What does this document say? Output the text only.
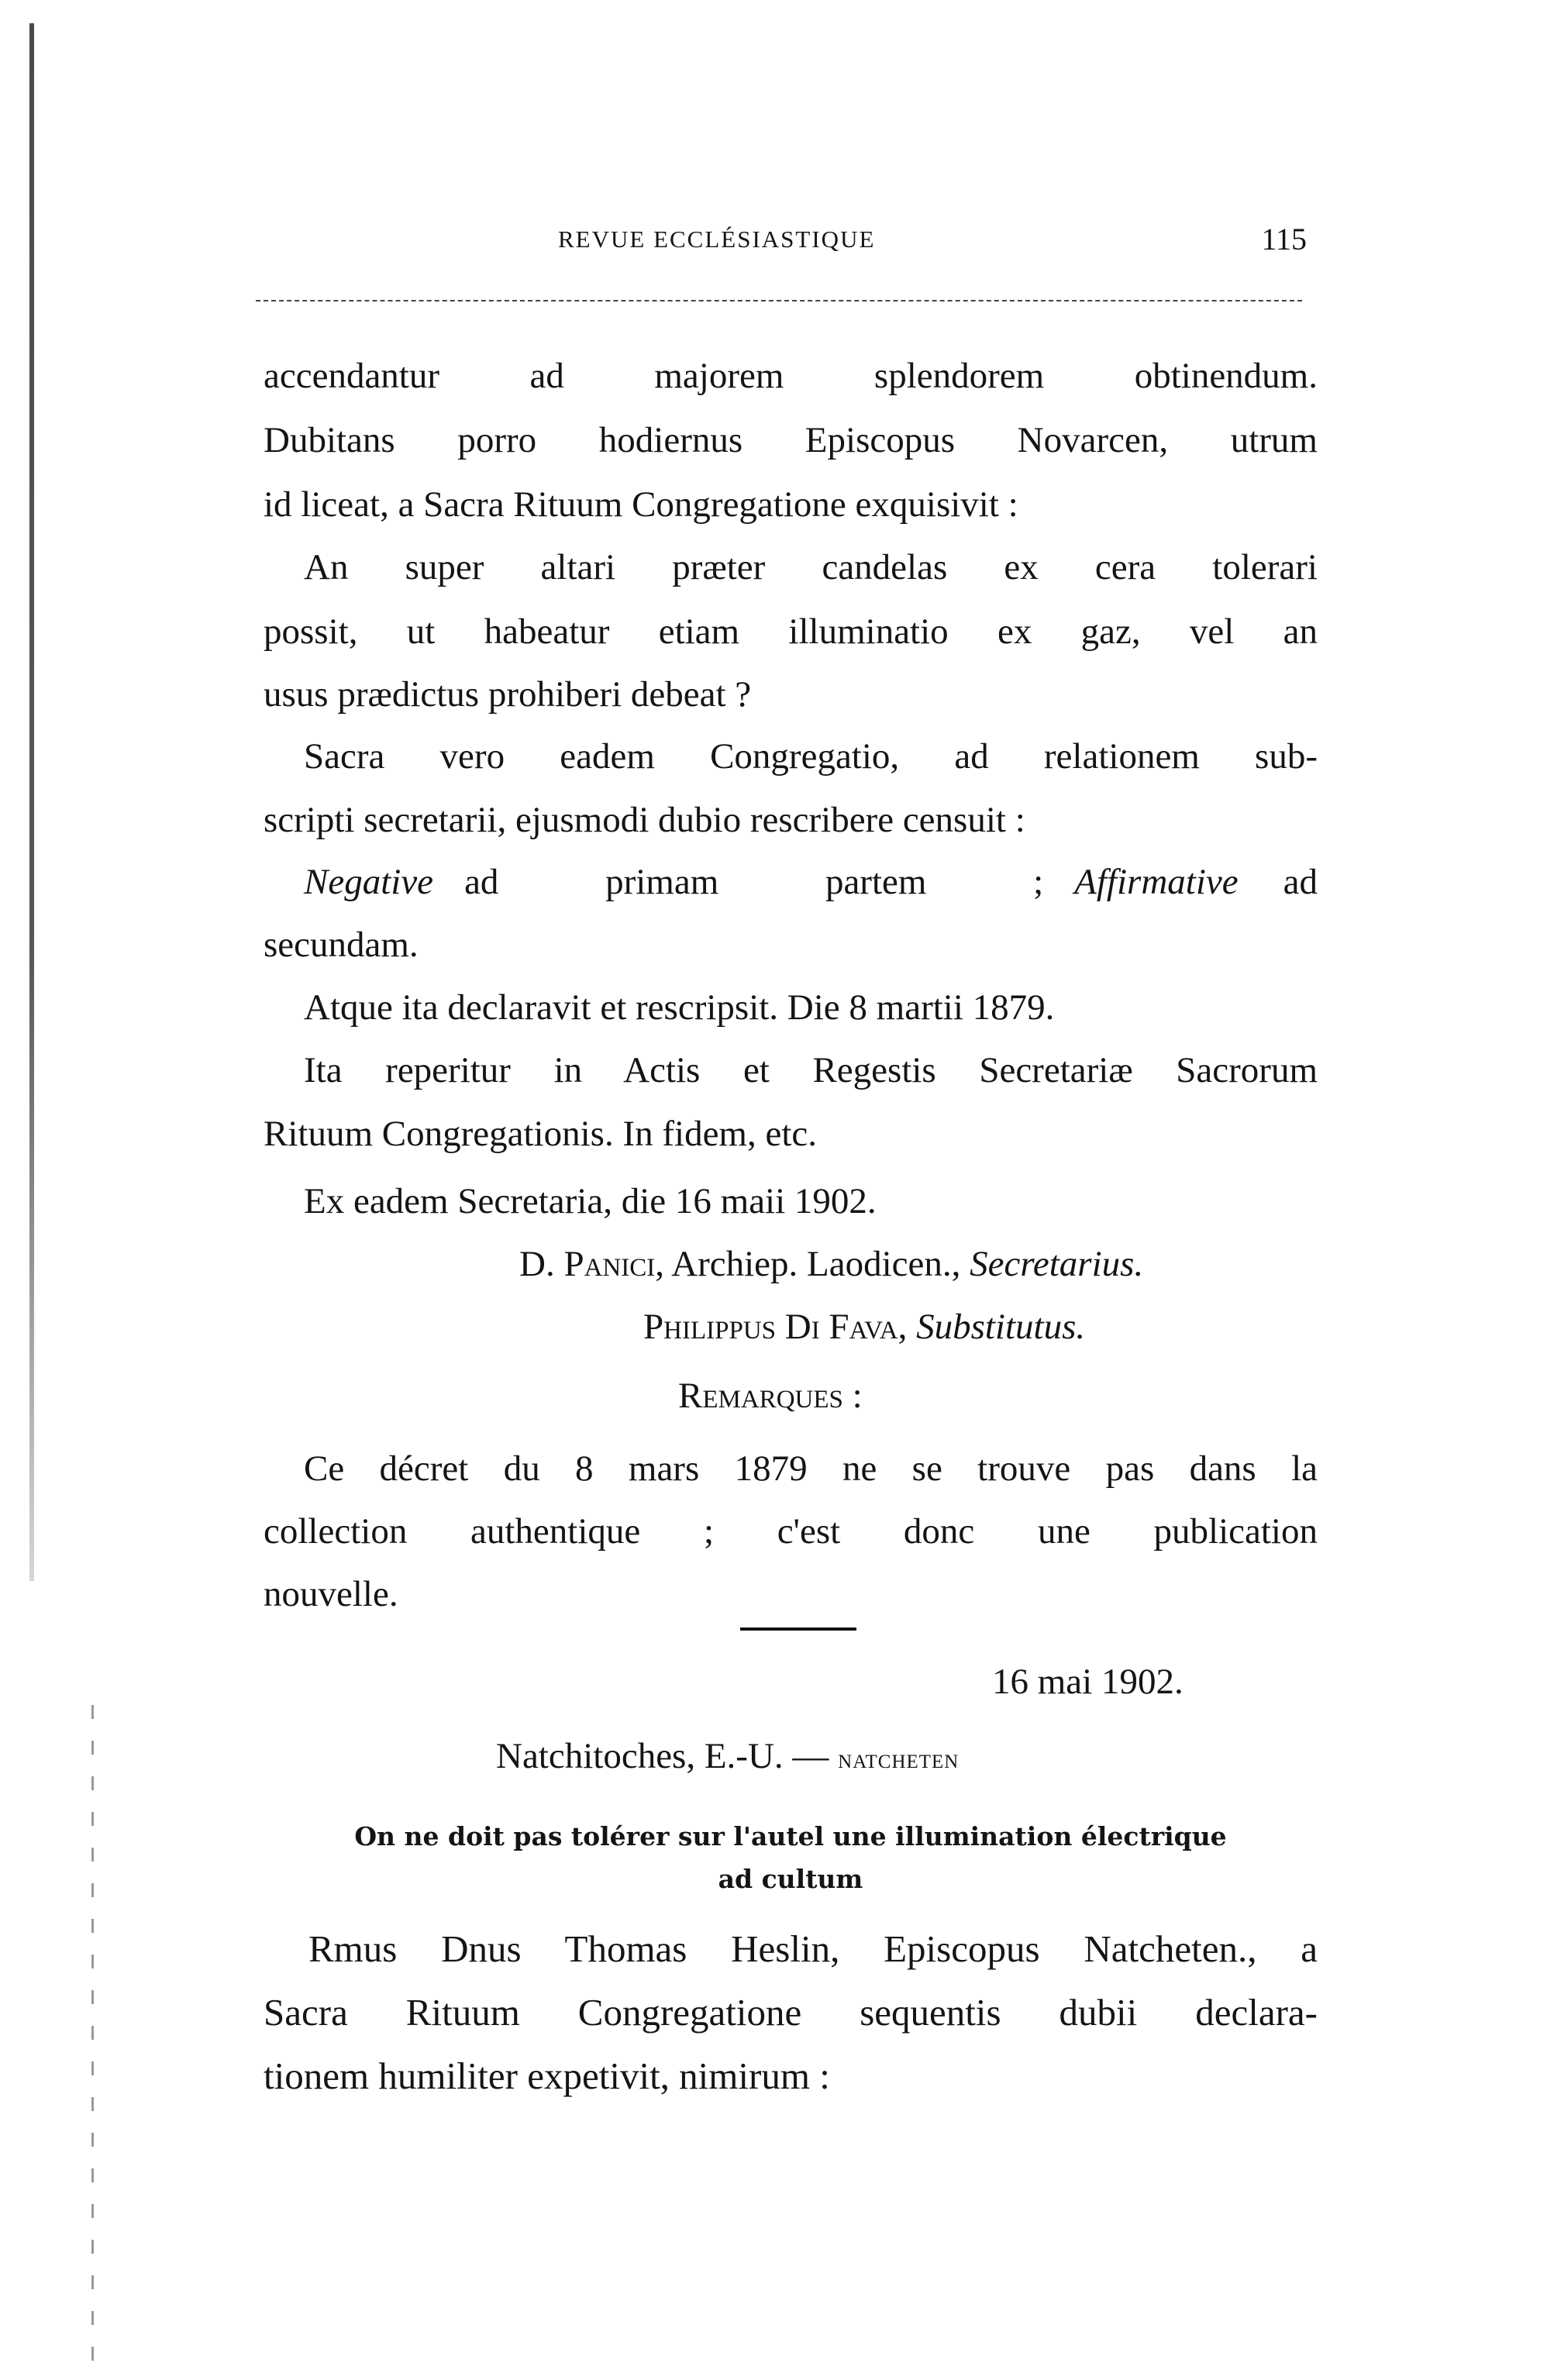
REVUE ECCLÉSIASTIQUE	115
accendantur ad majorem splendorem obtinendum.
Dubitans porro hodiernus Episcopus Novarcen, utrum
id liceat, a Sacra Rituum Congregatione exquisivit :
An super altari præter candelas ex cera tolerari
possit, ut habeatur etiam illuminatio ex gaz, vel an
usus prædictus prohiberi debeat ?
Sacra vero eadem Congregatio, ad relationem sub-
scripti secretarii, ejusmodi dubio rescribere censuit :
Negative ad	primam	partem	; Affirmative ad
secundam.
Atque ita declaravit et rescripsit. Die 8 martii 1879.
Ita reperitur in Actis et Regestis Secretariæ Sacrorum
Rituum Congregationis. In fidem, etc.
Ex eadem Secretaria, die 16 maii 1902.
D. Panici, Archiep. Laodicen., Secretarius.
Philippus Di Fava, Substitutus.
Remarques :
Ce décret du 8 mars 1879 ne se trouve pas dans la
collection authentique ; c'est donc une publication
nouvelle.
16 mai 1902.
Natchitoches, E.-U. — natcheten
On ne doit pas tolérer sur l'autel une illumination électrique
ad cultum
Rmus Dnus Thomas Heslin, Episcopus Natcheten., a
Sacra Rituum Congregatione sequentis dubii declara-
tionem humiliter expetivit, nimirum :
